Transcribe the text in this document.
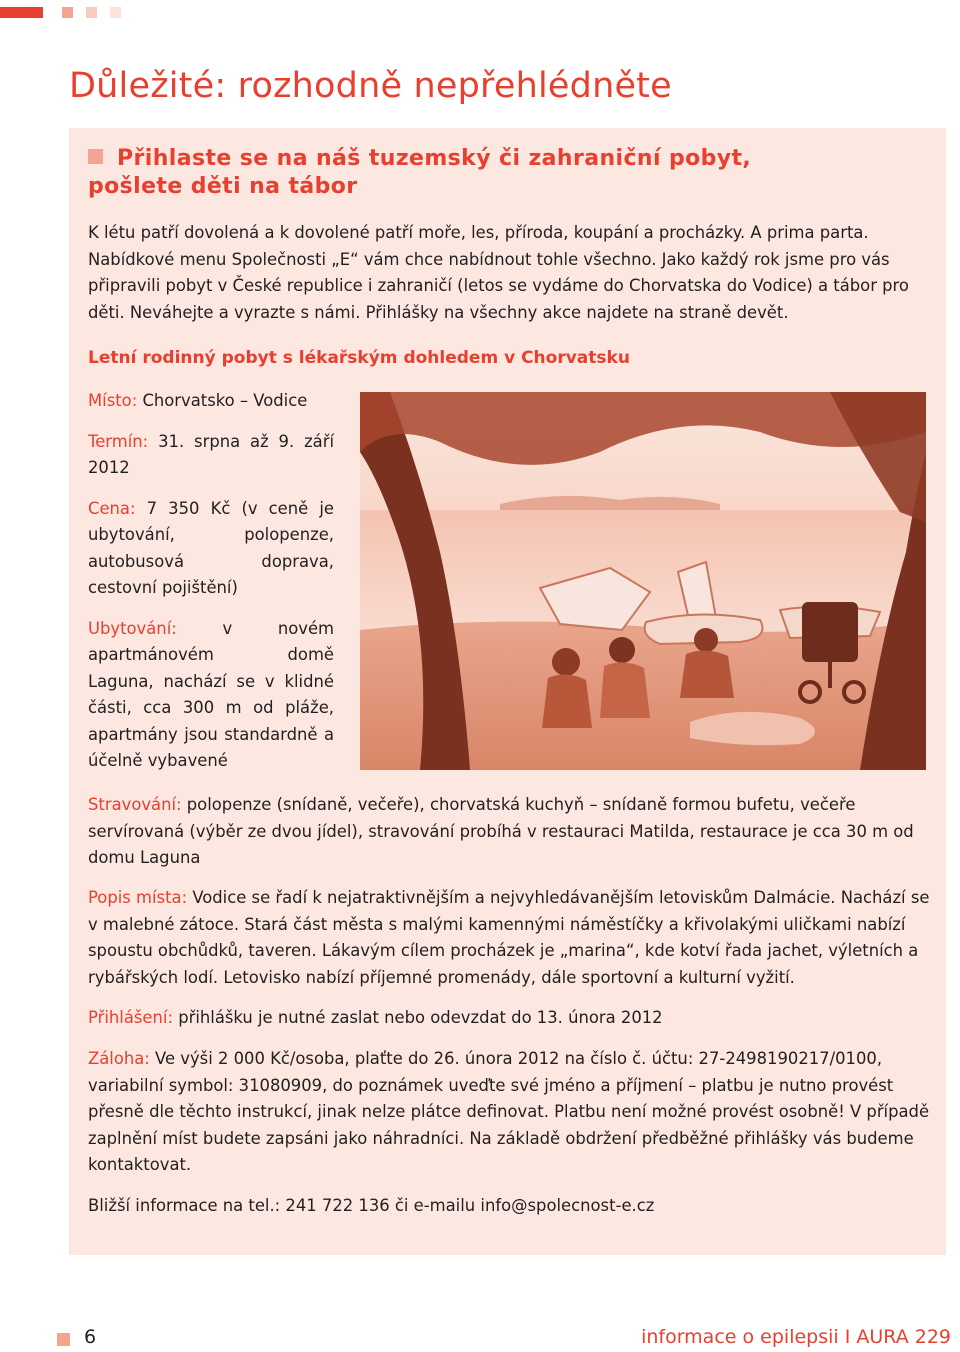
Důležité: rozhodně nepřehlédněte
Přihlaste se na náš tuzemský či zahraniční pobyt, pošlete děti na tábor

K létu patří dovolená a k dovolené patří moře, les, příroda, koupání a procházky. A prima parta. Nabídkové menu Společnosti „E“ vám chce nabídnout tohle všechno. Jako každý rok jsme pro vás připravili pobyt v České republice i zahraničí (letos se vydáme do Chorvatska do Vodice) a tábor pro děti. Neváhejte a vyrazte s námi. Přihlášky na všechny akce najdete na straně devět.

Letní rodinný pobyt s lékařským dohledem v Chorvatsku

Místo: Chorvatsko – Vodice

Termín: 31. srpna až 9. září 2012

Cena: 7 350 Kč (v ceně je ubytování, polopenze, autobusová doprava, cestovní pojištění)

Ubytování:	v novém apartmánovém domě Laguna, nachází se v klidné části, cca 300 m od pláže, apartmány jsou standardně a účelně vybavené

Stravování: polopenze (snídaně, večeře), chorvatská kuchyň – snídaně formou bufetu, večeře servírovaná (výběr ze dvou jídel), stravování probíhá v restauraci Matilda, restaurace je cca 30 m od domu Laguna

Popis místa: Vodice se řadí k nejatraktivnějším a nejvyhledávanějším letoviskům Dalmácie. Nachází se v malebné zátoce. Stará část města s malými kamennými náměstíčky a křivolakými uličkami nabízí spoustu obchůdků, taveren. Lákavým cílem procházek je „marina“, kde kotví řada jachet, výletních a rybářských lodí. Letovisko nabízí příjemné promenády, dále sportovní a kulturní vyžití.

Přihlášení: přihlášku je nutné zaslat nebo odevzdat do 13. února 2012

Záloha: Ve výši 2 000 Kč/osoba, plaťte do 26. února 2012 na číslo č. účtu: 27-2498190217/0100, variabilní symbol: 31080909, do poznámek uveďte své jméno a příjmení – platbu je nutno provést přesně dle těchto instrukcí, jinak nelze plátce definovat. Platbu není možné provést osobně! V případě zaplnění míst budete zapsáni jako náhradníci. Na základě obdržení předběžné přihlášky vás budeme kontaktovat.

Bližší informace na tel.: 241 722 136 či e-mailu info@spolecnost-e.cz

6	informace o epilepsii I AURA 229
